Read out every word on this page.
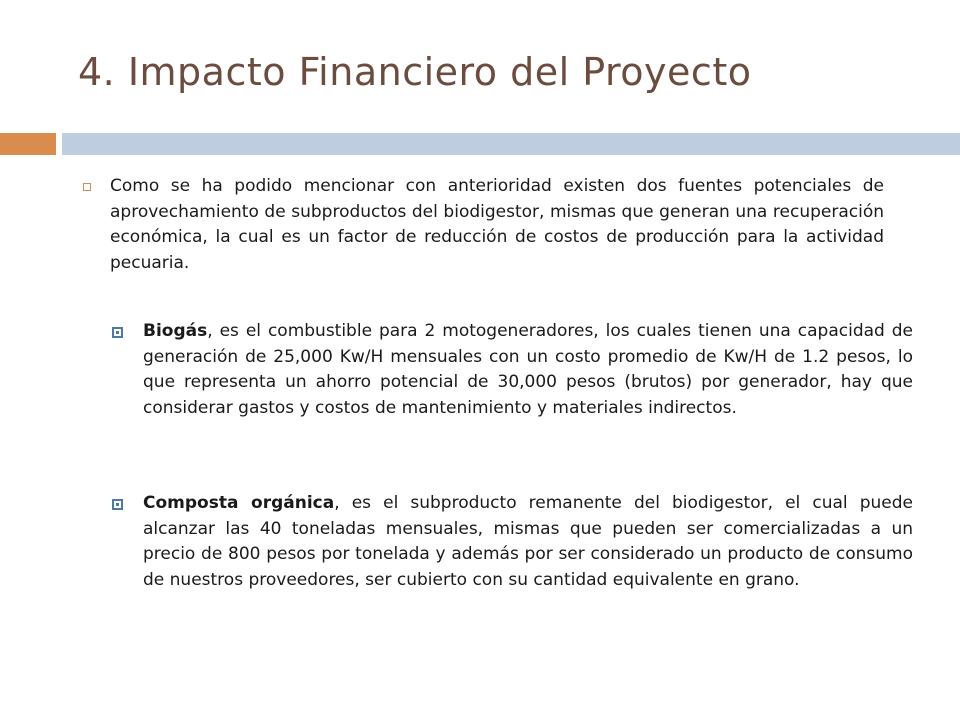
4. Impacto Financiero del Proyecto
Como se ha podido mencionar con anterioridad existen dos fuentes potenciales de aprovechamiento de subproductos del biodigestor, mismas que generan una recuperación económica, la cual es un factor de reducción de costos de producción para la actividad pecuaria.
Biogás, es el combustible para 2 motogeneradores, los cuales tienen una capacidad de generación de 25,000 Kw/H mensuales con un costo promedio de Kw/H de 1.2 pesos, lo que representa un ahorro potencial de 30,000 pesos (brutos) por generador, hay que considerar gastos y costos de mantenimiento y materiales indirectos.
Composta orgánica, es el subproducto remanente del biodigestor, el cual puede alcanzar las 40 toneladas mensuales, mismas que pueden ser comercializadas a un precio de 800 pesos por tonelada y además por ser considerado un producto de consumo de nuestros proveedores, ser cubierto con su cantidad equivalente en grano.
